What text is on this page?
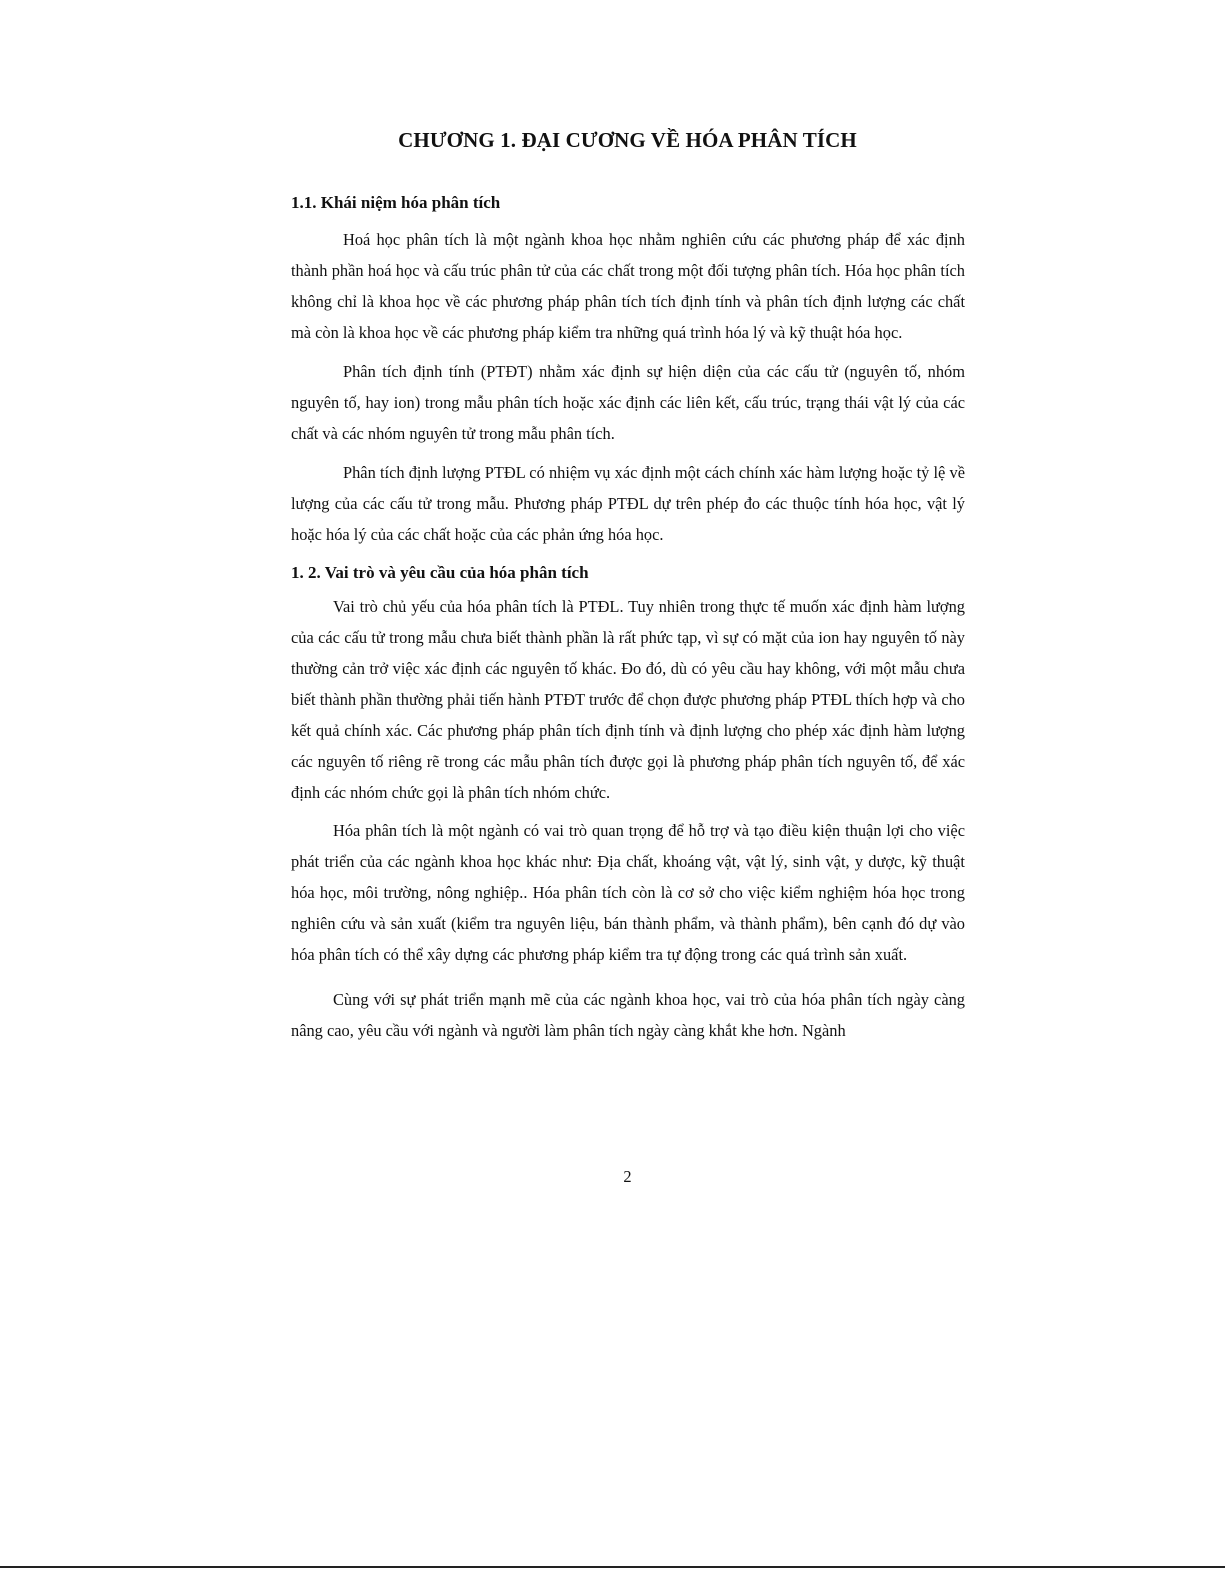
CHƯƠNG 1. ĐẠI CƯƠNG VỀ HÓA PHÂN TÍCH
1.1. Khái niệm hóa phân tích

Hoá học phân tích là một ngành khoa học nhằm nghiên cứu các phương pháp để xác định thành phần hoá học và cấu trúc phân tử của các chất trong một đối tượng phân tích. Hóa học phân tích không chỉ là khoa học về các phương pháp phân tích tích định tính và phân tích định lượng các chất mà còn là khoa học về các phương pháp kiểm tra những quá trình hóa lý và kỹ thuật hóa học.

Phân tích định tính (PTĐT) nhằm xác định sự hiện diện của các cấu tử (nguyên tố, nhóm nguyên tố, hay ion) trong mẫu phân tích hoặc xác định các liên kết, cấu trúc, trạng thái vật lý của các chất và các nhóm nguyên tử trong mẫu phân tích.

Phân tích định lượng PTĐL có nhiệm vụ xác định một cách chính xác hàm lượng hoặc tỷ lệ về lượng của các cấu tử trong mẫu. Phương pháp PTĐL dự trên phép đo các thuộc tính hóa học, vật lý hoặc hóa lý của các chất hoặc của các phản ứng hóa học.

1. 2. Vai trò và yêu cầu của hóa phân tích

Vai trò chủ yếu của hóa phân tích là PTĐL. Tuy nhiên trong thực tế muốn xác định hàm lượng của các cấu tử trong mẫu chưa biết thành phần là rất phức tạp, vì sự có mặt của ion hay nguyên tố này thường cản trở việc xác định các nguyên tố khác. Đo đó, dù có yêu cầu hay không, với một mẫu chưa biết thành phần thường phải tiến hành PTĐT trước để chọn được phương pháp PTĐL thích hợp và cho kết quả chính xác. Các phương pháp phân tích định tính và định lượng cho phép xác định hàm lượng các nguyên tố riêng rẽ trong các mẫu phân tích được gọi là phương pháp phân tích nguyên tố, để xác định các nhóm chức gọi là phân tích nhóm chức.

Hóa phân tích là một ngành có vai trò quan trọng để hỗ trợ và tạo điều kiện thuận lợi cho việc phát triển của các ngành khoa học khác như: Địa chất, khoáng vật, vật lý, sinh vật, y dược, kỹ thuật hóa học, môi trường, nông nghiệp.. Hóa phân tích còn là cơ sở cho việc kiểm nghiệm hóa học trong nghiên cứu và sản xuất (kiểm tra nguyên liệu, bán thành phẩm, và thành phẩm), bên cạnh đó dự vào hóa phân tích có thể xây dựng các phương pháp kiểm tra tự động trong các quá trình sản xuất.

Cùng với sự phát triển mạnh mẽ của các ngành khoa học, vai trò của hóa phân tích ngày càng nâng cao, yêu cầu với ngành và người làm phân tích ngày càng khắt khe hơn. Ngành

2
